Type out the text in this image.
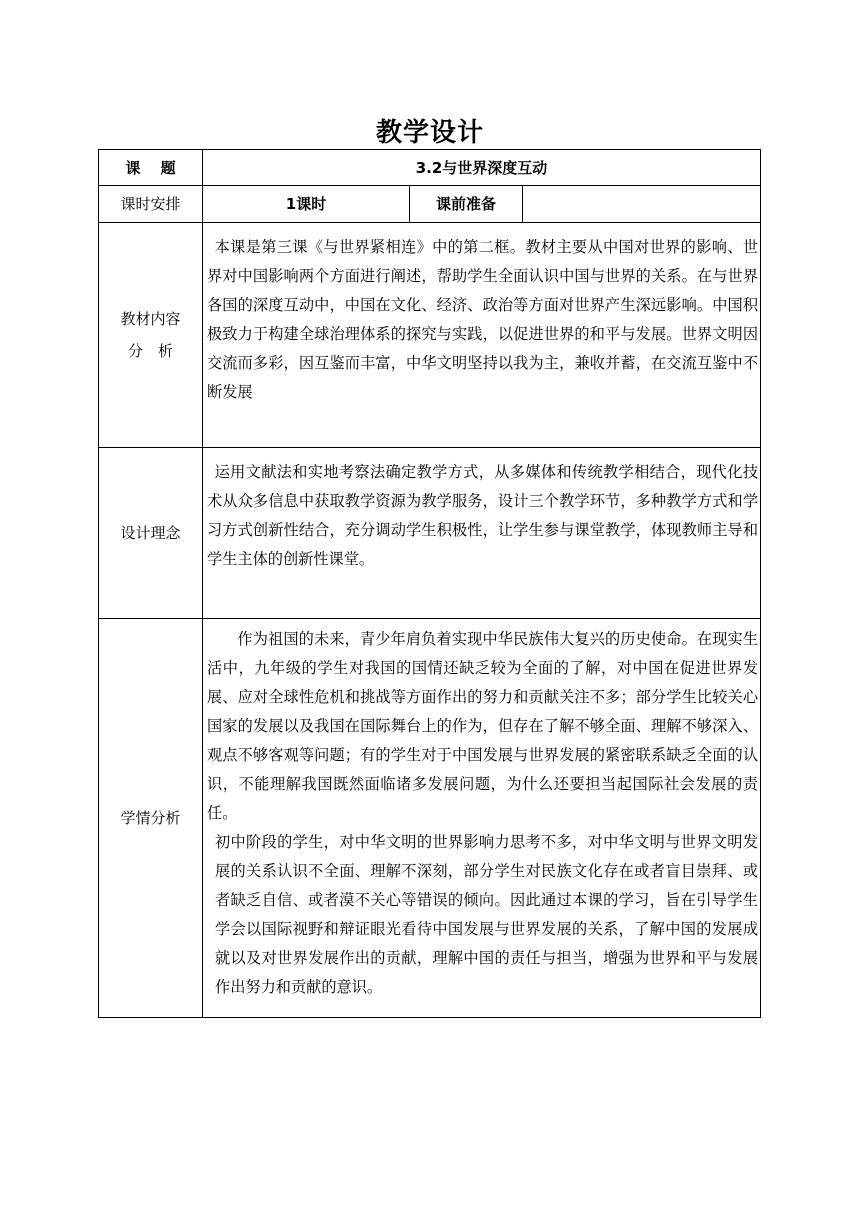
教学设计
课　 题	3.2与世界深度互动		
课时安排	1课时	课前准备	

教材内容
分　析	本课是第三课《与世界紧相连》中的第二框。教材主要从中国对世界的影响、世界对中国影响两个方面进行阐述，帮助学生全面认识中国与世界的关系。在与世界各国的深度互动中，中国在文化、经济、政治等方面对世界产生深远影响。中国积极致力于构建全球治理体系的探究与实践，以促进世界的和平与发展。世界文明因交流而多彩，因互鉴而丰富，中华文明坚持以我为主，兼收并蓄，在交流互鉴中不断发展		

设计理念	运用文献法和实地考察法确定教学方式，从多媒体和传统教学相结合，现代化技术从众多信息中获取教学资源为教学服务，设计三个教学环节，多种教学方式和学习方式创新性结合，充分调动学生积极性，让学生参与课堂教学，体现教师主导和学生主体的创新性课堂。		

学情分析	作为祖国的未来，青少年肩负着实现中华民族伟大复兴的历史使命。在现实生活中，九年级的学生对我国的国情还缺乏较为全面的了解，对中国在促进世界发展、应对全球性危机和挑战等方面作出的努力和贡献关注不多；部分学生比较关心国家的发展以及我国在国际舞台上的作为，但存在了解不够全面、理解不够深入、观点不够客观等问题；有的学生对于中国发展与世界发展的紧密联系缺乏全面的认识，不能理解我国既然面临诸多发展问题，为什么还要担当起国际社会发展的责任。

初中阶段的学生，对中华文明的世界影响力思考不多，对中华文明与世界文明发展的关系认识不全面、理解不深刻，部分学生对民族文化存在或者盲目崇拜、或者缺乏自信、或者漠不关心等错误的倾向。因此通过本课的学习，旨在引导学生学会以国际视野和辩证眼光看待中国发展与世界发展的关系，了解中国的发展成就以及对世界发展作出的贡献，理解中国的责任与担当，增强为世界和平与发展作出努力和贡献的意识。		
